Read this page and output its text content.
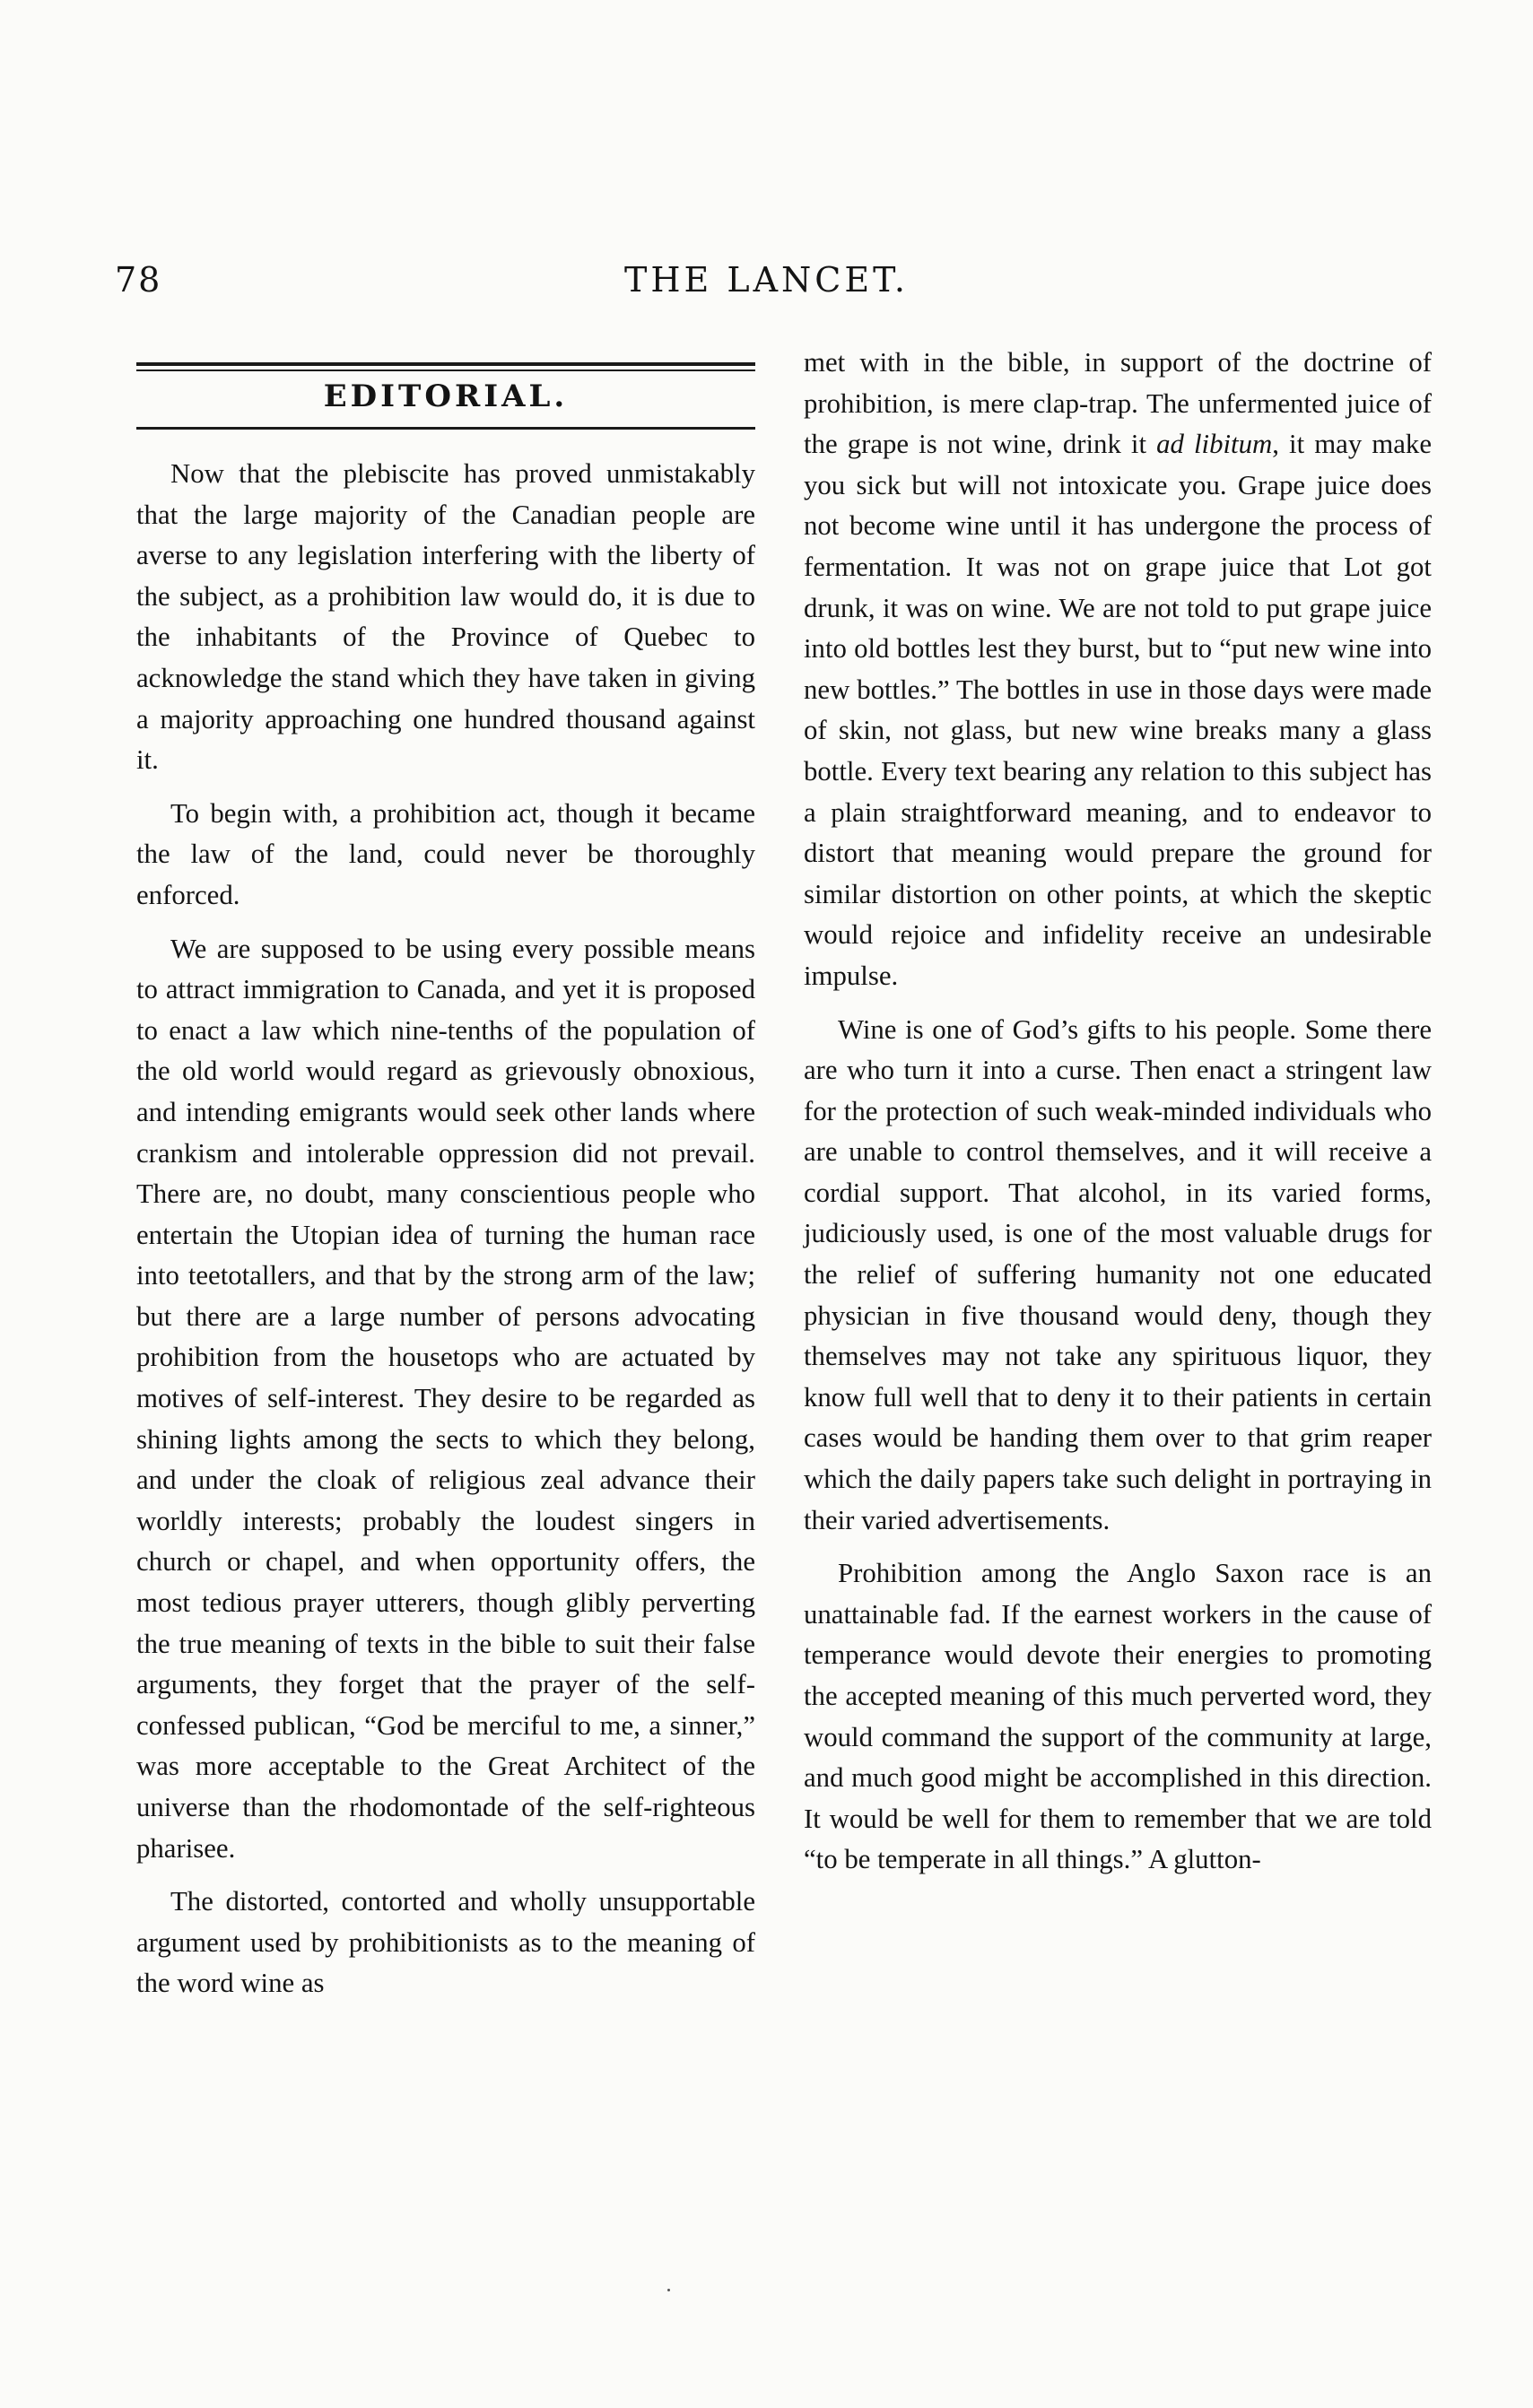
78	THE LANCET.
EDITORIAL.

Now that the plebiscite has proved unmistakably that the large majority of the Canadian people are averse to any legislation interfering with the liberty of the subject, as a prohibition law would do, it is due to the inhabitants of the Province of Quebec to acknowledge the stand which they have taken in giving a majority approaching one hundred thousand against it.

To begin with, a prohibition act, though it became the law of the land, could never be thoroughly enforced.

We are supposed to be using every possible means to attract immigration to Canada, and yet it is proposed to enact a law which nine-tenths of the population of the old world would regard as grievously obnoxious, and intending emigrants would seek other lands where crankism and intolerable oppression did not prevail. There are, no doubt, many conscientious people who entertain the Utopian idea of turning the human race into teetotallers, and that by the strong arm of the law; but there are a large number of persons advocating prohibition from the housetops who are actuated by motives of self-interest. They desire to be regarded as shining lights among the sects to which they belong, and under the cloak of religious zeal advance their worldly interests; probably the loudest singers in church or chapel, and when opportunity offers, the most tedious prayer utterers, though glibly perverting the true meaning of texts in the bible to suit their false arguments, they forget that the prayer of the self-confessed publican, “God be merciful to me, a sinner,” was more acceptable to the Great Architect of the universe than the rhodomontade of the self-righteous pharisee.

The distorted, contorted and wholly unsupportable argument used by prohibitionists as to the meaning of the word wine as

met with in the bible, in support of the doctrine of prohibition, is mere clap-trap. The unfermented juice of the grape is not wine, drink it ad libitum, it may make you sick but will not intoxicate you. Grape juice does not become wine until it has undergone the process of fermentation. It was not on grape juice that Lot got drunk, it was on wine. We are not told to put grape juice into old bottles lest they burst, but to “put new wine into new bottles.” The bottles in use in those days were made of skin, not glass, but new wine breaks many a glass bottle. Every text bearing any relation to this subject has a plain straightforward meaning, and to endeavor to distort that meaning would prepare the ground for similar distortion on other points, at which the skeptic would rejoice and infidelity receive an undesirable impulse.

Wine is one of God’s gifts to his people. Some there are who turn it into a curse. Then enact a stringent law for the protection of such weak-minded individuals who are unable to control themselves, and it will receive a cordial support. That alcohol, in its varied forms, judiciously used, is one of the most valuable drugs for the relief of suffering humanity not one educated physician in five thousand would deny, though they themselves may not take any spirituous liquor, they know full well that to deny it to their patients in certain cases would be handing them over to that grim reaper which the daily papers take such delight in portraying in their varied advertisements.

Prohibition among the Anglo Saxon race is an unattainable fad. If the earnest workers in the cause of temperance would devote their energies to promoting the accepted meaning of this much perverted word, they would command the support of the community at large, and much good might be accomplished in this direction. It would be well for them to remember that we are told “to be temperate in all things.” A glutton-
